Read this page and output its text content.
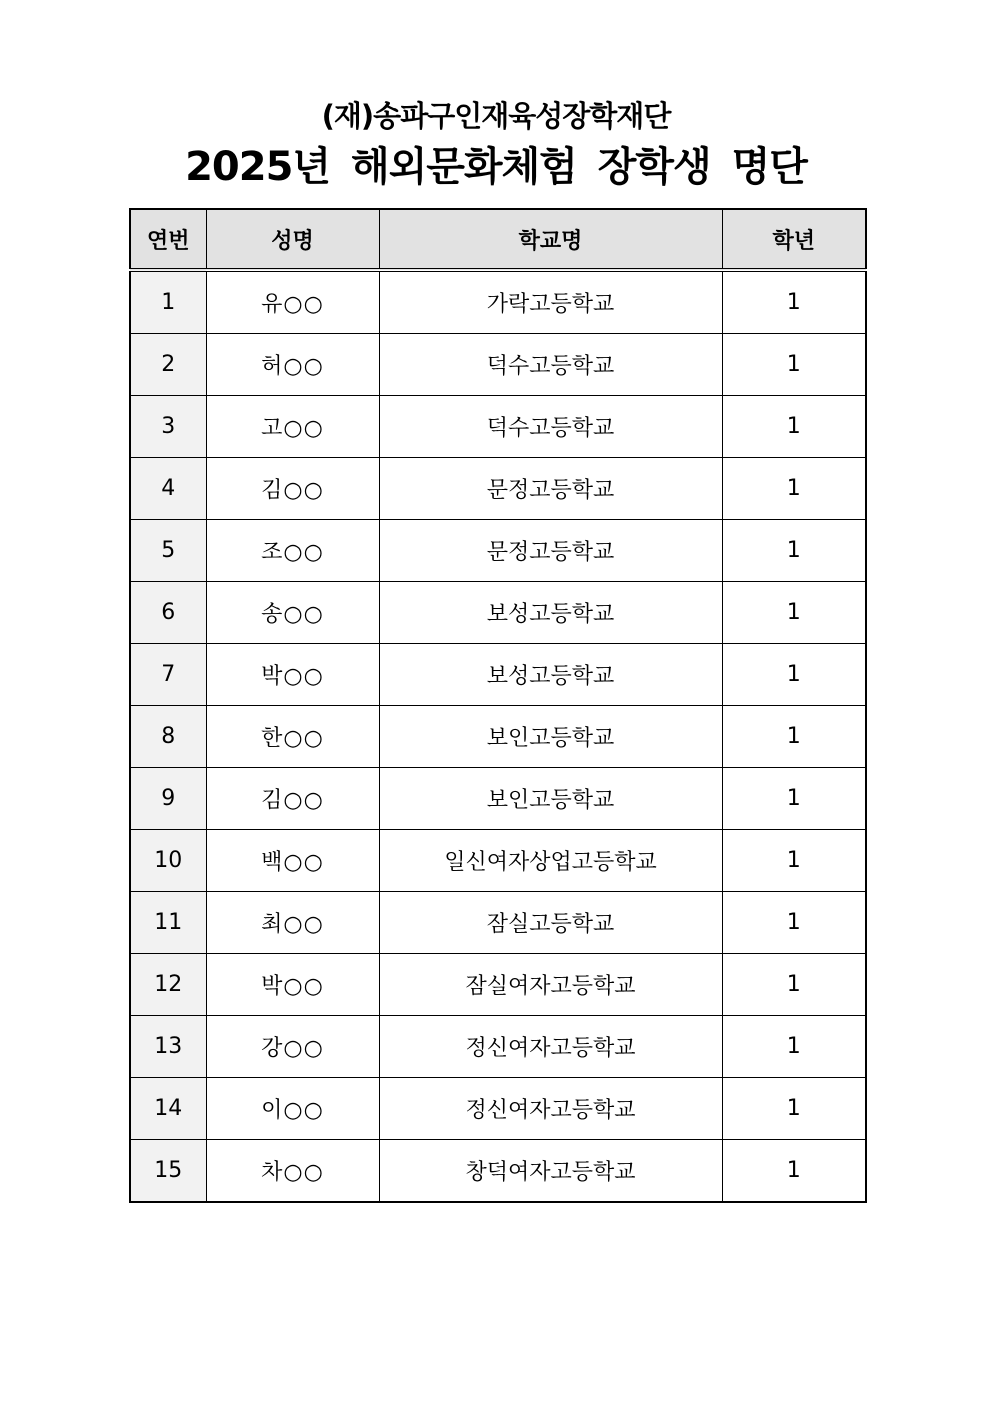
(재)송파구인재육성장학재단
2025년 해외문화체험 장학생 명단
연번	성명	학교명	학년
1	유○○	가락고등학교	1
2	허○○	덕수고등학교	1
3	고○○	덕수고등학교	1
4	김○○	문정고등학교	1
5	조○○	문정고등학교	1
6	송○○	보성고등학교	1
7	박○○	보성고등학교	1
8	한○○	보인고등학교	1
9	김○○	보인고등학교	1
10	백○○	일신여자상업고등학교	1
11	최○○	잠실고등학교	1
12	박○○	잠실여자고등학교	1
13	강○○	정신여자고등학교	1
14	이○○	정신여자고등학교	1
15	차○○	창덕여자고등학교	1
